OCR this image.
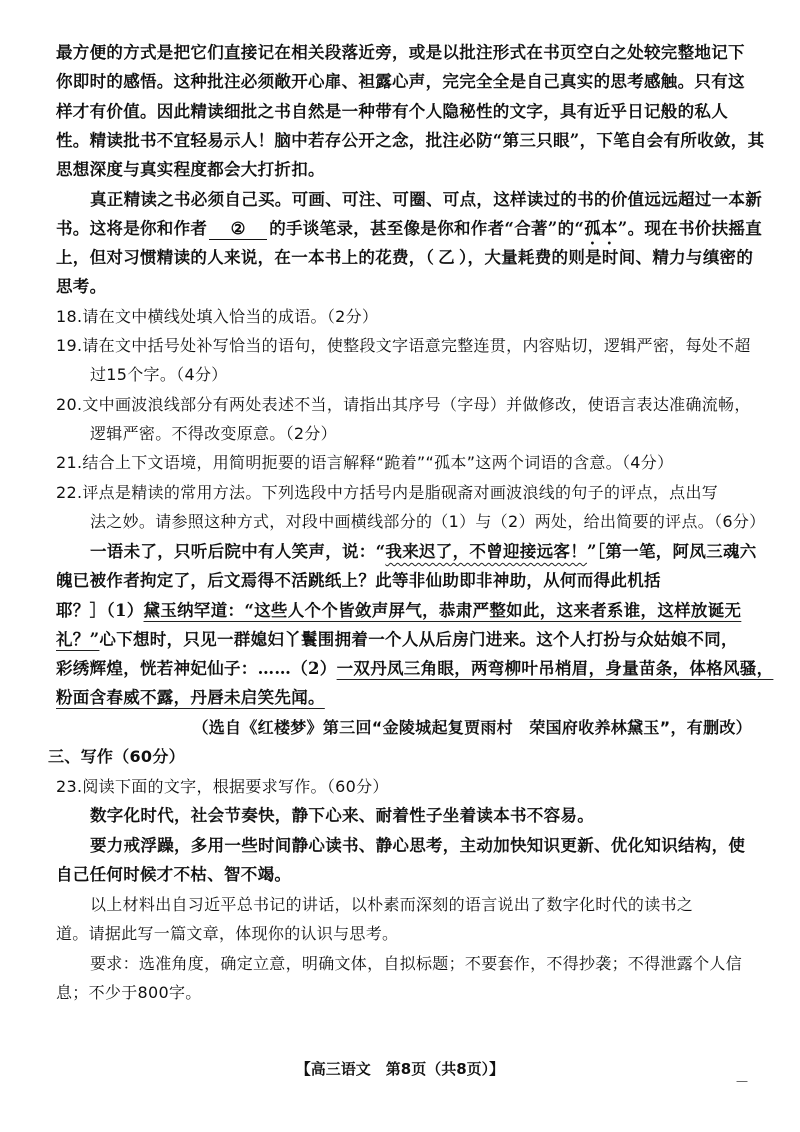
最方便的方式是把它们直接记在相关段落近旁，或是以批注形式在书页空白之处较完整地记下
你即时的感悟。这种批注必须敞开心扉、袒露心声，完完全全是自己真实的思考感触。只有这
样才有价值。因此精读细批之书自然是一种带有个人隐秘性的文字，具有近乎日记般的私人
性。精读批书不宜轻易示人！脑中若存公开之念，批注必防“第三只眼”，下笔自会有所收敛，其
思想深度与真实程度都会大打折扣。
真正精读之书必须自己买。可画、可注、可圈、可点，这样读过的书的价值远远超过一本新
书。这将是你和作者 ② 的手谈笔录，甚至像是你和作者“合著”的“孤本”。现在书价扶摇直
上，但对习惯精读的人来说，在一本书上的花费，（ 乙 ），大量耗费的则是时间、精力与缜密的
思考。
18.请在文中横线处填入恰当的成语。（2分）
19.请在文中括号处补写恰当的语句，使整段文字语意完整连贯，内容贴切，逻辑严密，每处不超
过15个字。（4分）
20.文中画波浪线部分有两处表述不当，请指出其序号（字母）并做修改，使语言表达准确流畅，
逻辑严密。不得改变原意。（2分）
21.结合上下文语境，用简明扼要的语言解释“跪着”“孤本”这两个词语的含意。（4分）
22.评点是精读的常用方法。下列选段中方括号内是脂砚斋对画波浪线的句子的评点，点出写
法之妙。请参照这种方式，对段中画横线部分的（1）与（2）两处，给出简要的评点。（6分）
一语未了，只听后院中有人笑声，说：“我来迟了，不曾迎接远客！”［第一笔，阿凤三魂六
魄已被作者拘定了，后文焉得不活跳纸上？此等非仙助即非神助，从何而得此机括
耶？］（1）黛玉纳罕道：“这些人个个皆敛声屏气，恭肃严整如此，这来者系谁，这样放诞无
礼？”心下想时，只见一群媳妇丫鬟围拥着一个人从后房门进来。这个人打扮与众姑娘不同，
彩绣辉煌，恍若神妃仙子：……（2）一双丹凤三角眼，两弯柳叶吊梢眉，身量苗条，体格风骚，
粉面含春威不露，丹唇未启笑先闻。
（选自《红楼梦》第三回“金陵城起复贾雨村　荣国府收养林黛玉”，有删改）
三、写作（60分）
23.阅读下面的文字，根据要求写作。（60分）
数字化时代，社会节奏快，静下心来、耐着性子坐着读本书不容易。
要力戒浮躁，多用一些时间静心读书、静心思考，主动加快知识更新、优化知识结构，使
自己任何时候才不枯、智不竭。
以上材料出自习近平总书记的讲话，以朴素而深刻的语言说出了数字化时代的读书之
道。请据此写一篇文章，体现你的认识与思考。
要求：选准角度，确定立意，明确文体，自拟标题；不要套作，不得抄袭；不得泄露个人信
息；不少于800字。
【高三语文　第8页（共8页）】
—
